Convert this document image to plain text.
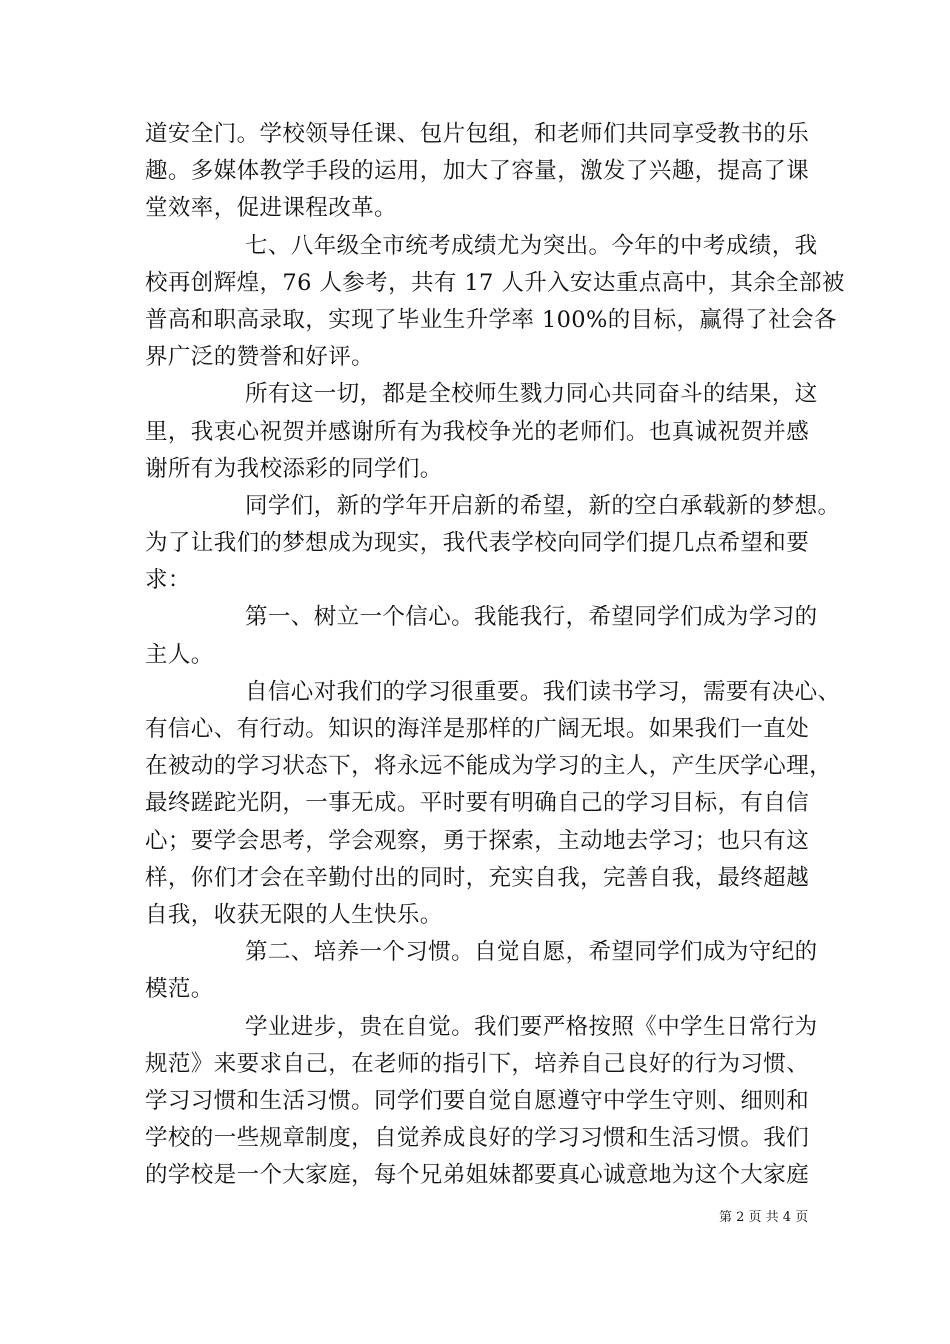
道安全门。学校领导任课、包片包组，和老师们共同享受教书的乐
趣。多媒体教学手段的运用，加大了容量，激发了兴趣，提高了课
堂效率，促进课程改革。
七、八年级全市统考成绩尤为突出。今年的中考成绩，我
校再创辉煌，76 人参考，共有 17 人升入安达重点高中，其余全部被
普高和职高录取，实现了毕业生升学率 100%的目标，赢得了社会各
界广泛的赞誉和好评。
所有这一切，都是全校师生戮力同心共同奋斗的结果，这
里，我衷心祝贺并感谢所有为我校争光的老师们。也真诚祝贺并感
谢所有为我校添彩的同学们。
同学们，新的学年开启新的希望，新的空白承载新的梦想。
为了让我们的梦想成为现实，我代表学校向同学们提几点希望和要
求：
第一、树立一个信心。我能我行，希望同学们成为学习的
主人。
自信心对我们的学习很重要。我们读书学习，需要有决心、
有信心、有行动。知识的海洋是那样的广阔无垠。如果我们一直处
在被动的学习状态下，将永远不能成为学习的主人，产生厌学心理，
最终蹉跎光阴，一事无成。平时要有明确自己的学习目标，有自信
心；要学会思考，学会观察，勇于探索，主动地去学习；也只有这
样，你们才会在辛勤付出的同时，充实自我，完善自我，最终超越
自我，收获无限的人生快乐。
第二、培养一个习惯。自觉自愿，希望同学们成为守纪的
模范。
学业进步，贵在自觉。我们要严格按照《中学生日常行为
规范》来要求自己，在老师的指引下，培养自己良好的行为习惯、
学习习惯和生活习惯。同学们要自觉自愿遵守中学生守则、细则和
学校的一些规章制度，自觉养成良好的学习习惯和生活习惯。我们
的学校是一个大家庭，每个兄弟姐妹都要真心诚意地为这个大家庭
第 2 页 共 4 页
